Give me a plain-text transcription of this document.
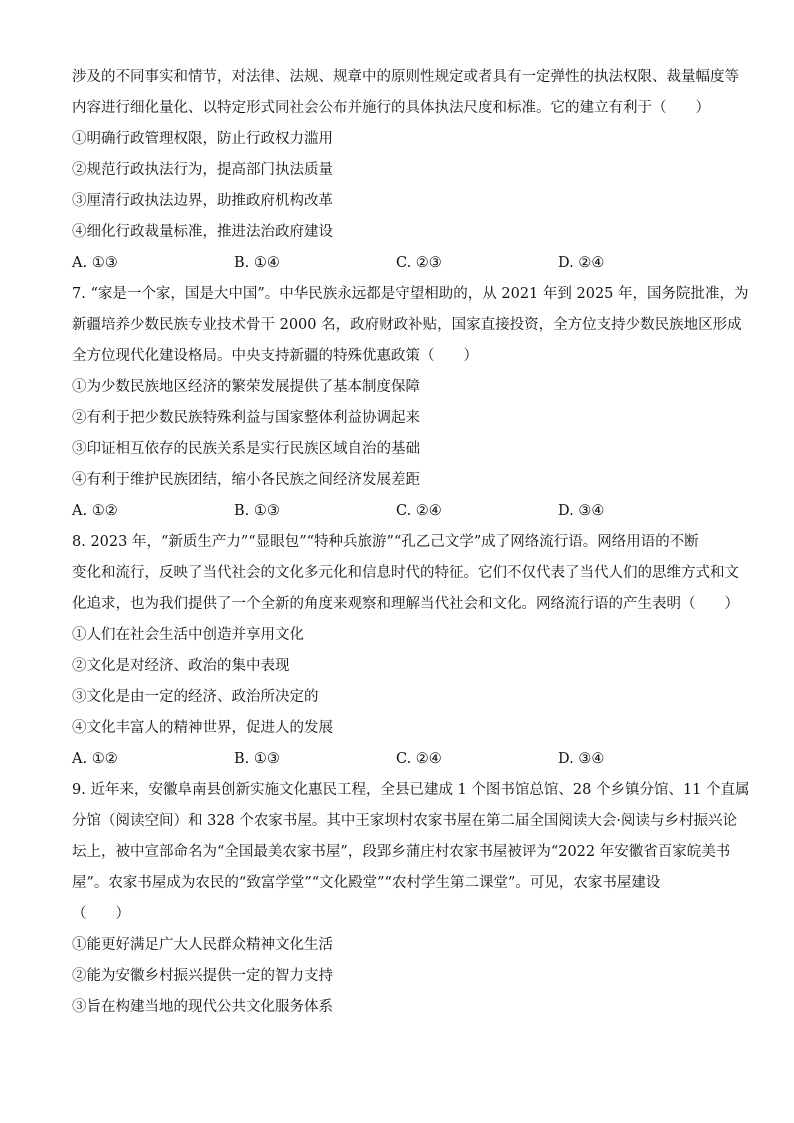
涉及的不同事实和情节，对法律、法规、规章中的原则性规定或者具有一定弹性的执法权限、裁量幅度等
内容进行细化量化、以特定形式同社会公布并施行的具体执法尺度和标准。它的建立有利于（　　）
①明确行政管理权限，防止行政权力滥用
②规范行政执法行为，提高部门执法质量
③厘清行政执法边界，助推政府机构改革
④细化行政裁量标准，推进法治政府建设
A. ①③	B. ①④	C. ②③	D. ②④
7. “家是一个家，国是大中国”。中华民族永远都是守望相助的，从 2021 年到 2025 年，国务院批准，为
新疆培养少数民族专业技术骨干 2000 名，政府财政补贴，国家直接投资，全方位支持少数民族地区形成
全方位现代化建设格局。中央支持新疆的特殊优惠政策（　　）
①为少数民族地区经济的繁荣发展提供了基本制度保障
②有利于把少数民族特殊利益与国家整体利益协调起来
③印证相互依存的民族关系是实行民族区域自治的基础
④有利于维护民族团结，缩小各民族之间经济发展差距
A. ①②	B. ①③	C. ②④	D. ③④
8. 2023 年，“新质生产力”“显眼包”“特种兵旅游”“孔乙己文学”成了网络流行语。网络用语的不断
变化和流行，反映了当代社会的文化多元化和信息时代的特征。它们不仅代表了当代人们的思维方式和文
化追求，也为我们提供了一个全新的角度来观察和理解当代社会和文化。网络流行语的产生表明（　　）
①人们在社会生活中创造并享用文化
②文化是对经济、政治的集中表现
③文化是由一定的经济、政治所决定的
④文化丰富人的精神世界，促进人的发展
A. ①②	B. ①③	C. ②④	D. ③④
9. 近年来，安徽阜南县创新实施文化惠民工程，全县已建成 1 个图书馆总馆、28 个乡镇分馆、11 个直属
分馆（阅读空间）和 328 个农家书屋。其中王家坝村农家书屋在第二届全国阅读大会·阅读与乡村振兴论
坛上，被中宣部命名为“全国最美农家书屋”，段郢乡蒲庄村农家书屋被评为“2022 年安徽省百家皖美书
屋”。农家书屋成为农民的“致富学堂”“文化殿堂”“农村学生第二课堂”。可见，农家书屋建设
（　　）
①能更好满足广大人民群众精神文化生活
②能为安徽乡村振兴提供一定的智力支持
③旨在构建当地的现代公共文化服务体系
